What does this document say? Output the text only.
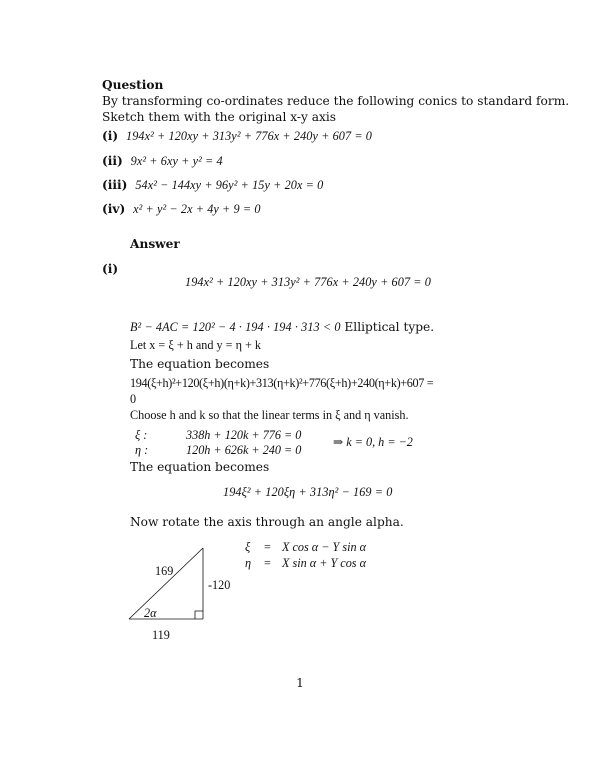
Question
By transforming co-ordinates reduce the following conics to standard form.
Sketch them with the original x-y axis
(i) 194x² + 120xy + 313y² + 776x + 240y + 607 = 0
(ii) 9x² + 6xy + y² = 4
(iii) 54x² − 144xy + 96y² + 15y + 20x = 0
(iv) x² + y² − 2x + 4y + 9 = 0
Answer
(i)
194x² + 120xy + 313y² + 776x + 240y + 607 = 0
B² − 4AC = 120² − 4 · 194 · 194 · 313 < 0 Elliptical type.
Let x = ξ + h and y = η + k
The equation becomes
194(ξ+h)²+120(ξ+h)(η+k)+313(η+k)²+776(ξ+h)+240(η+k)+607 =
0
Choose h and k so that the linear terms in ξ and η vanish.
ξ :	338h + 120k + 776 = 0
η :	120h + 626k + 240 = 0
⇒ k = 0, h = −2
The equation becomes
194ξ² + 120ξη + 313η² − 169 = 0
Now rotate the axis through an angle alpha.
ξ = X cos α − Y sin α
η = X sin α + Y cos α
169
-120
2α
119
1
